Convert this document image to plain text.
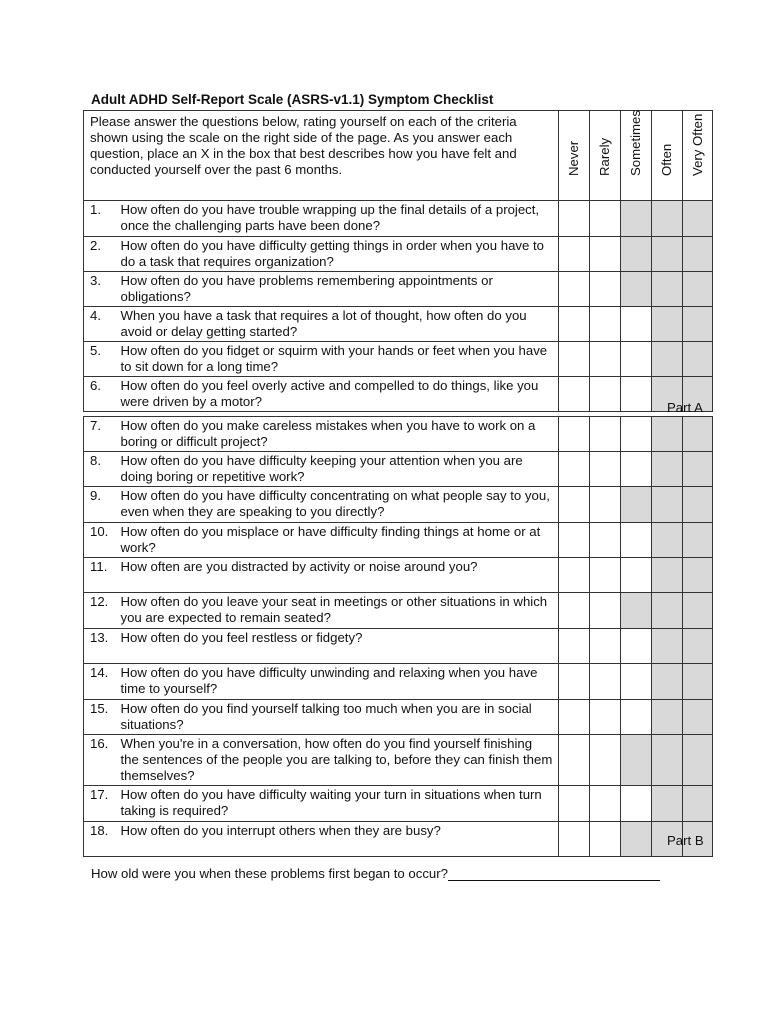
Adult ADHD Self-Report Scale (ASRS-v1.1) Symptom Checklist
Please answer the questions below, rating yourself on each of the criteria shown using the scale on the right side of the page. As you answer each question, place an X in the box that best describes how you have felt and conducted yourself over the past 6 months.		Never	Rarely	Sometimes	Often	Very Often

1.	How often do you have trouble wrapping up the final details of a project, once the challenging parts have been done?					
2.	How often do you have difficulty getting things in order when you have to do a task that requires organization?					
3.	How often do you have problems remembering appointments or obligations?					
4.	When you have a task that requires a lot of thought, how often do you avoid or delay getting started?					
5.	How often do you fidget or squirm with your hands or feet when you have to sit down for a long time?					
6.	How often do you feel overly active and compelled to do things, like you were driven by a motor?						Part A
7.	How often do you make careless mistakes when you have to work on a boring or difficult project?					
8.	How often do you have difficulty keeping your attention when you are doing boring or repetitive work?					
9.	How often do you have difficulty concentrating on what people say to you, even when they are speaking to you directly?					
10.	How often do you misplace or have difficulty finding things at home or at work?					
11.	How often are you distracted by activity or noise around you?					
12.	How often do you leave your seat in meetings or other situations in which you are expected to remain seated?					
13.	How often do you feel restless or fidgety?					
14.	How often do you have difficulty unwinding and relaxing when you have time to yourself?					
15.	How often do you find yourself talking too much when you are in social situations?					
16.	When you're in a conversation, how often do you find yourself finishing the sentences of the people you are talking to, before they can finish them themselves?					
17.	How often do you have difficulty waiting your turn in situations when turn taking is required?					
18.	How often do you interrupt others when they are busy?					
Part B
How old were you when these problems first began to occur?
